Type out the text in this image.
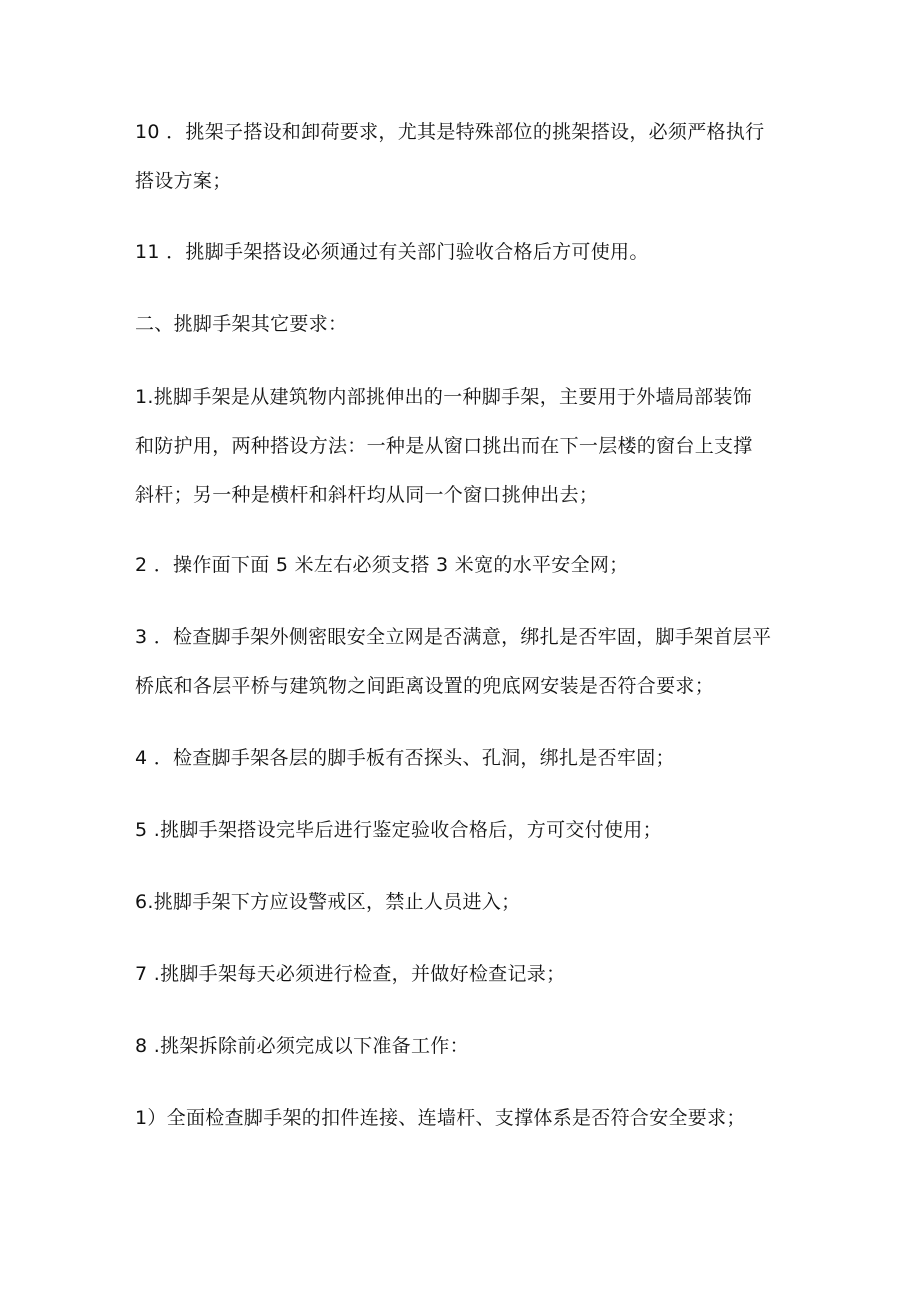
10 ．挑架子搭设和卸荷要求，尤其是特殊部位的挑架搭设，必须严格执行
搭设方案；
11 ．挑脚手架搭设必须通过有关部门验收合格后方可使用。
二、挑脚手架其它要求：
1.挑脚手架是从建筑物内部挑伸出的一种脚手架，主要用于外墙局部装饰
和防护用，两种搭设方法：一种是从窗口挑出而在下一层楼的窗台上支撑
斜杆；另一种是横杆和斜杆均从同一个窗口挑伸出去；
2 ．操作面下面 5 米左右必须支搭 3 米宽的水平安全网；
3 ．检查脚手架外侧密眼安全立网是否满意，绑扎是否牢固，脚手架首层平
桥底和各层平桥与建筑物之间距离设置的兜底网安装是否符合要求；
4 ．检查脚手架各层的脚手板有否探头、孔洞，绑扎是否牢固；
5 .挑脚手架搭设完毕后进行鉴定验收合格后，方可交付使用；
6.挑脚手架下方应设警戒区，禁止人员进入；
7 .挑脚手架每天必须进行检查，并做好检查记录；
8 .挑架拆除前必须完成以下准备工作：
1）全面检查脚手架的扣件连接、连墙杆、支撑体系是否符合安全要求；
